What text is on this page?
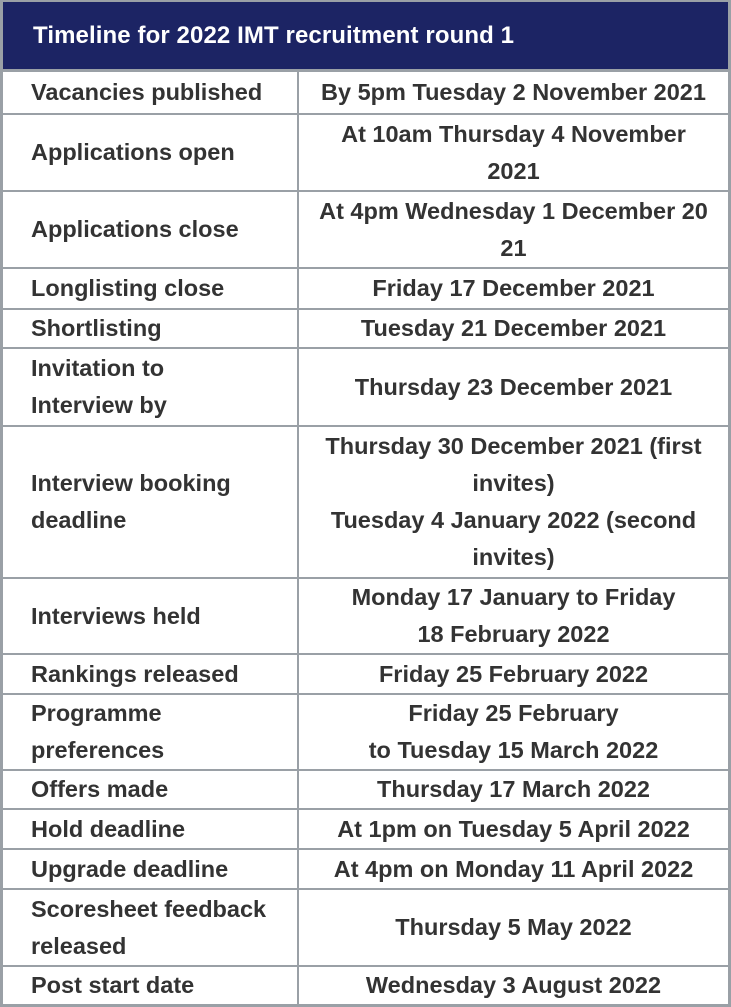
Timeline for 2022 IMT recruitment round 1
Vacancies published	By 5pm Tuesday 2 November 2021

Applications open	At 10am Thursday 4 November
2021

Applications close	At 4pm Wednesday 1 December 20
21

Longlisting close	Friday 17 December 2021

Shortlisting	Tuesday 21 December 2021

Invitation to
Interview by	Thursday 23 December 2021

Interview booking
deadline	Thursday 30 December 2021 (first
invites)
Tuesday 4 January 2022 (second
invites)

Interviews held	Monday 17 January to Friday
18 February 2022

Rankings released	Friday 25 February 2022

Programme
preferences	Friday 25 February
to Tuesday 15 March 2022

Offers made	Thursday 17 March 2022

Hold deadline	At 1pm on Tuesday 5 April 2022

Upgrade deadline	At 4pm on Monday 11 April 2022

Scoresheet feedback
released	Thursday 5 May 2022

Post start date	Wednesday 3 August 2022
